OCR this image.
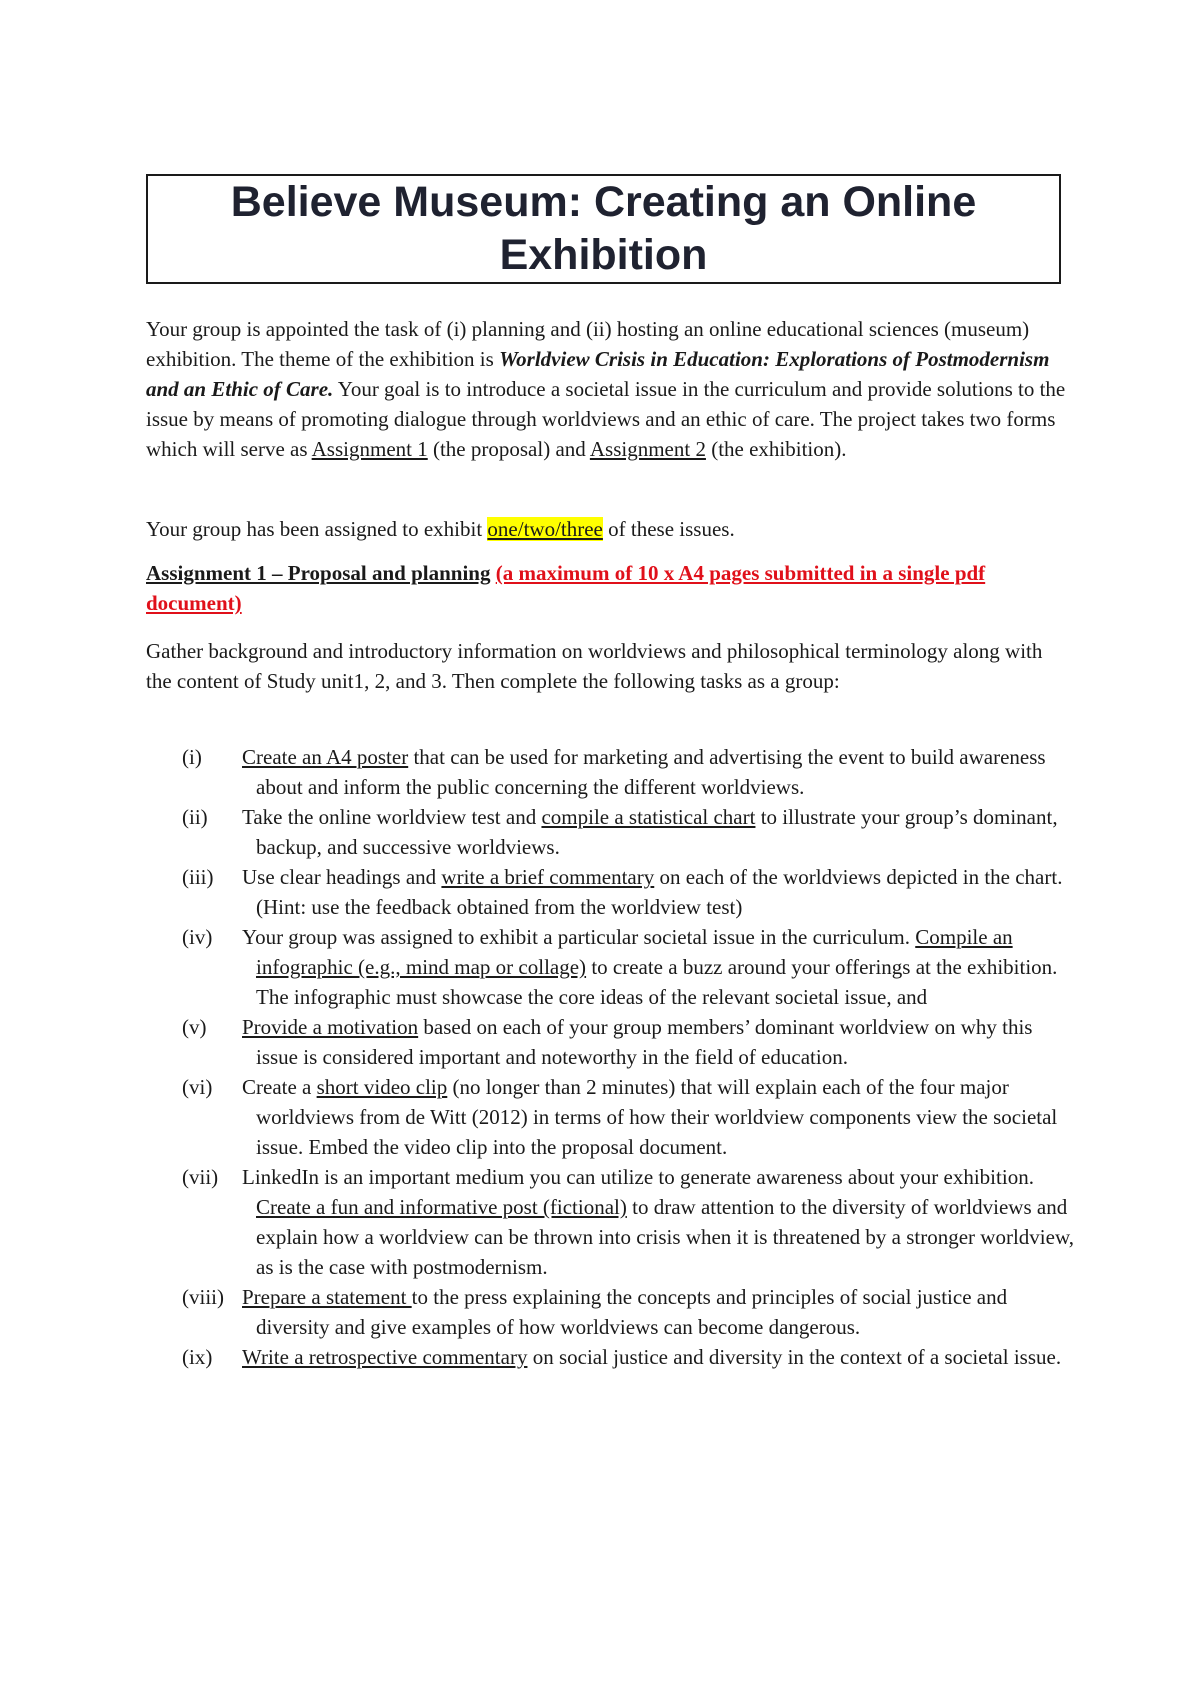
Believe Museum: Creating an Online
Exhibition

Your group is appointed the task of (i) planning and (ii) hosting an online educational sciences (museum) exhibition. The theme of the exhibition is Worldview Crisis in Education: Explorations of Postmodernism and an Ethic of Care. Your goal is to introduce a societal issue in the curriculum and provide solutions to the issue by means of promoting dialogue through worldviews and an ethic of care. The project takes two forms which will serve as Assignment 1 (the proposal) and Assignment 2 (the exhibition).

Your group has been assigned to exhibit one/two/three of these issues.

Assignment 1 – Proposal and planning (a maximum of 10 x A4 pages submitted in a single pdf document)

Gather background and introductory information on worldviews and philosophical terminology along with the content of Study unit1, 2, and 3. Then complete the following tasks as a group:

(i) Create an A4 poster that can be used for marketing and advertising the event to build awareness about and inform the public concerning the different worldviews.
(ii) Take the online worldview test and compile a statistical chart to illustrate your group’s dominant, backup, and successive worldviews.
(iii) Use clear headings and write a brief commentary on each of the worldviews depicted in the chart. (Hint: use the feedback obtained from the worldview test)
(iv) Your group was assigned to exhibit a particular societal issue in the curriculum. Compile an infographic (e.g., mind map or collage) to create a buzz around your offerings at the exhibition. The infographic must showcase the core ideas of the relevant societal issue, and
(v) Provide a motivation based on each of your group members’ dominant worldview on why this issue is considered important and noteworthy in the field of education.
(vi) Create a short video clip (no longer than 2 minutes) that will explain each of the four major worldviews from de Witt (2012) in terms of how their worldview components view the societal issue. Embed the video clip into the proposal document.
(vii) LinkedIn is an important medium you can utilize to generate awareness about your exhibition. Create a fun and informative post (fictional) to draw attention to the diversity of worldviews and explain how a worldview can be thrown into crisis when it is threatened by a stronger worldview, as is the case with postmodernism.
(viii) Prepare a statement to the press explaining the concepts and principles of social justice and diversity and give examples of how worldviews can become dangerous.
(ix) Write a retrospective commentary on social justice and diversity in the context of a societal issue.
